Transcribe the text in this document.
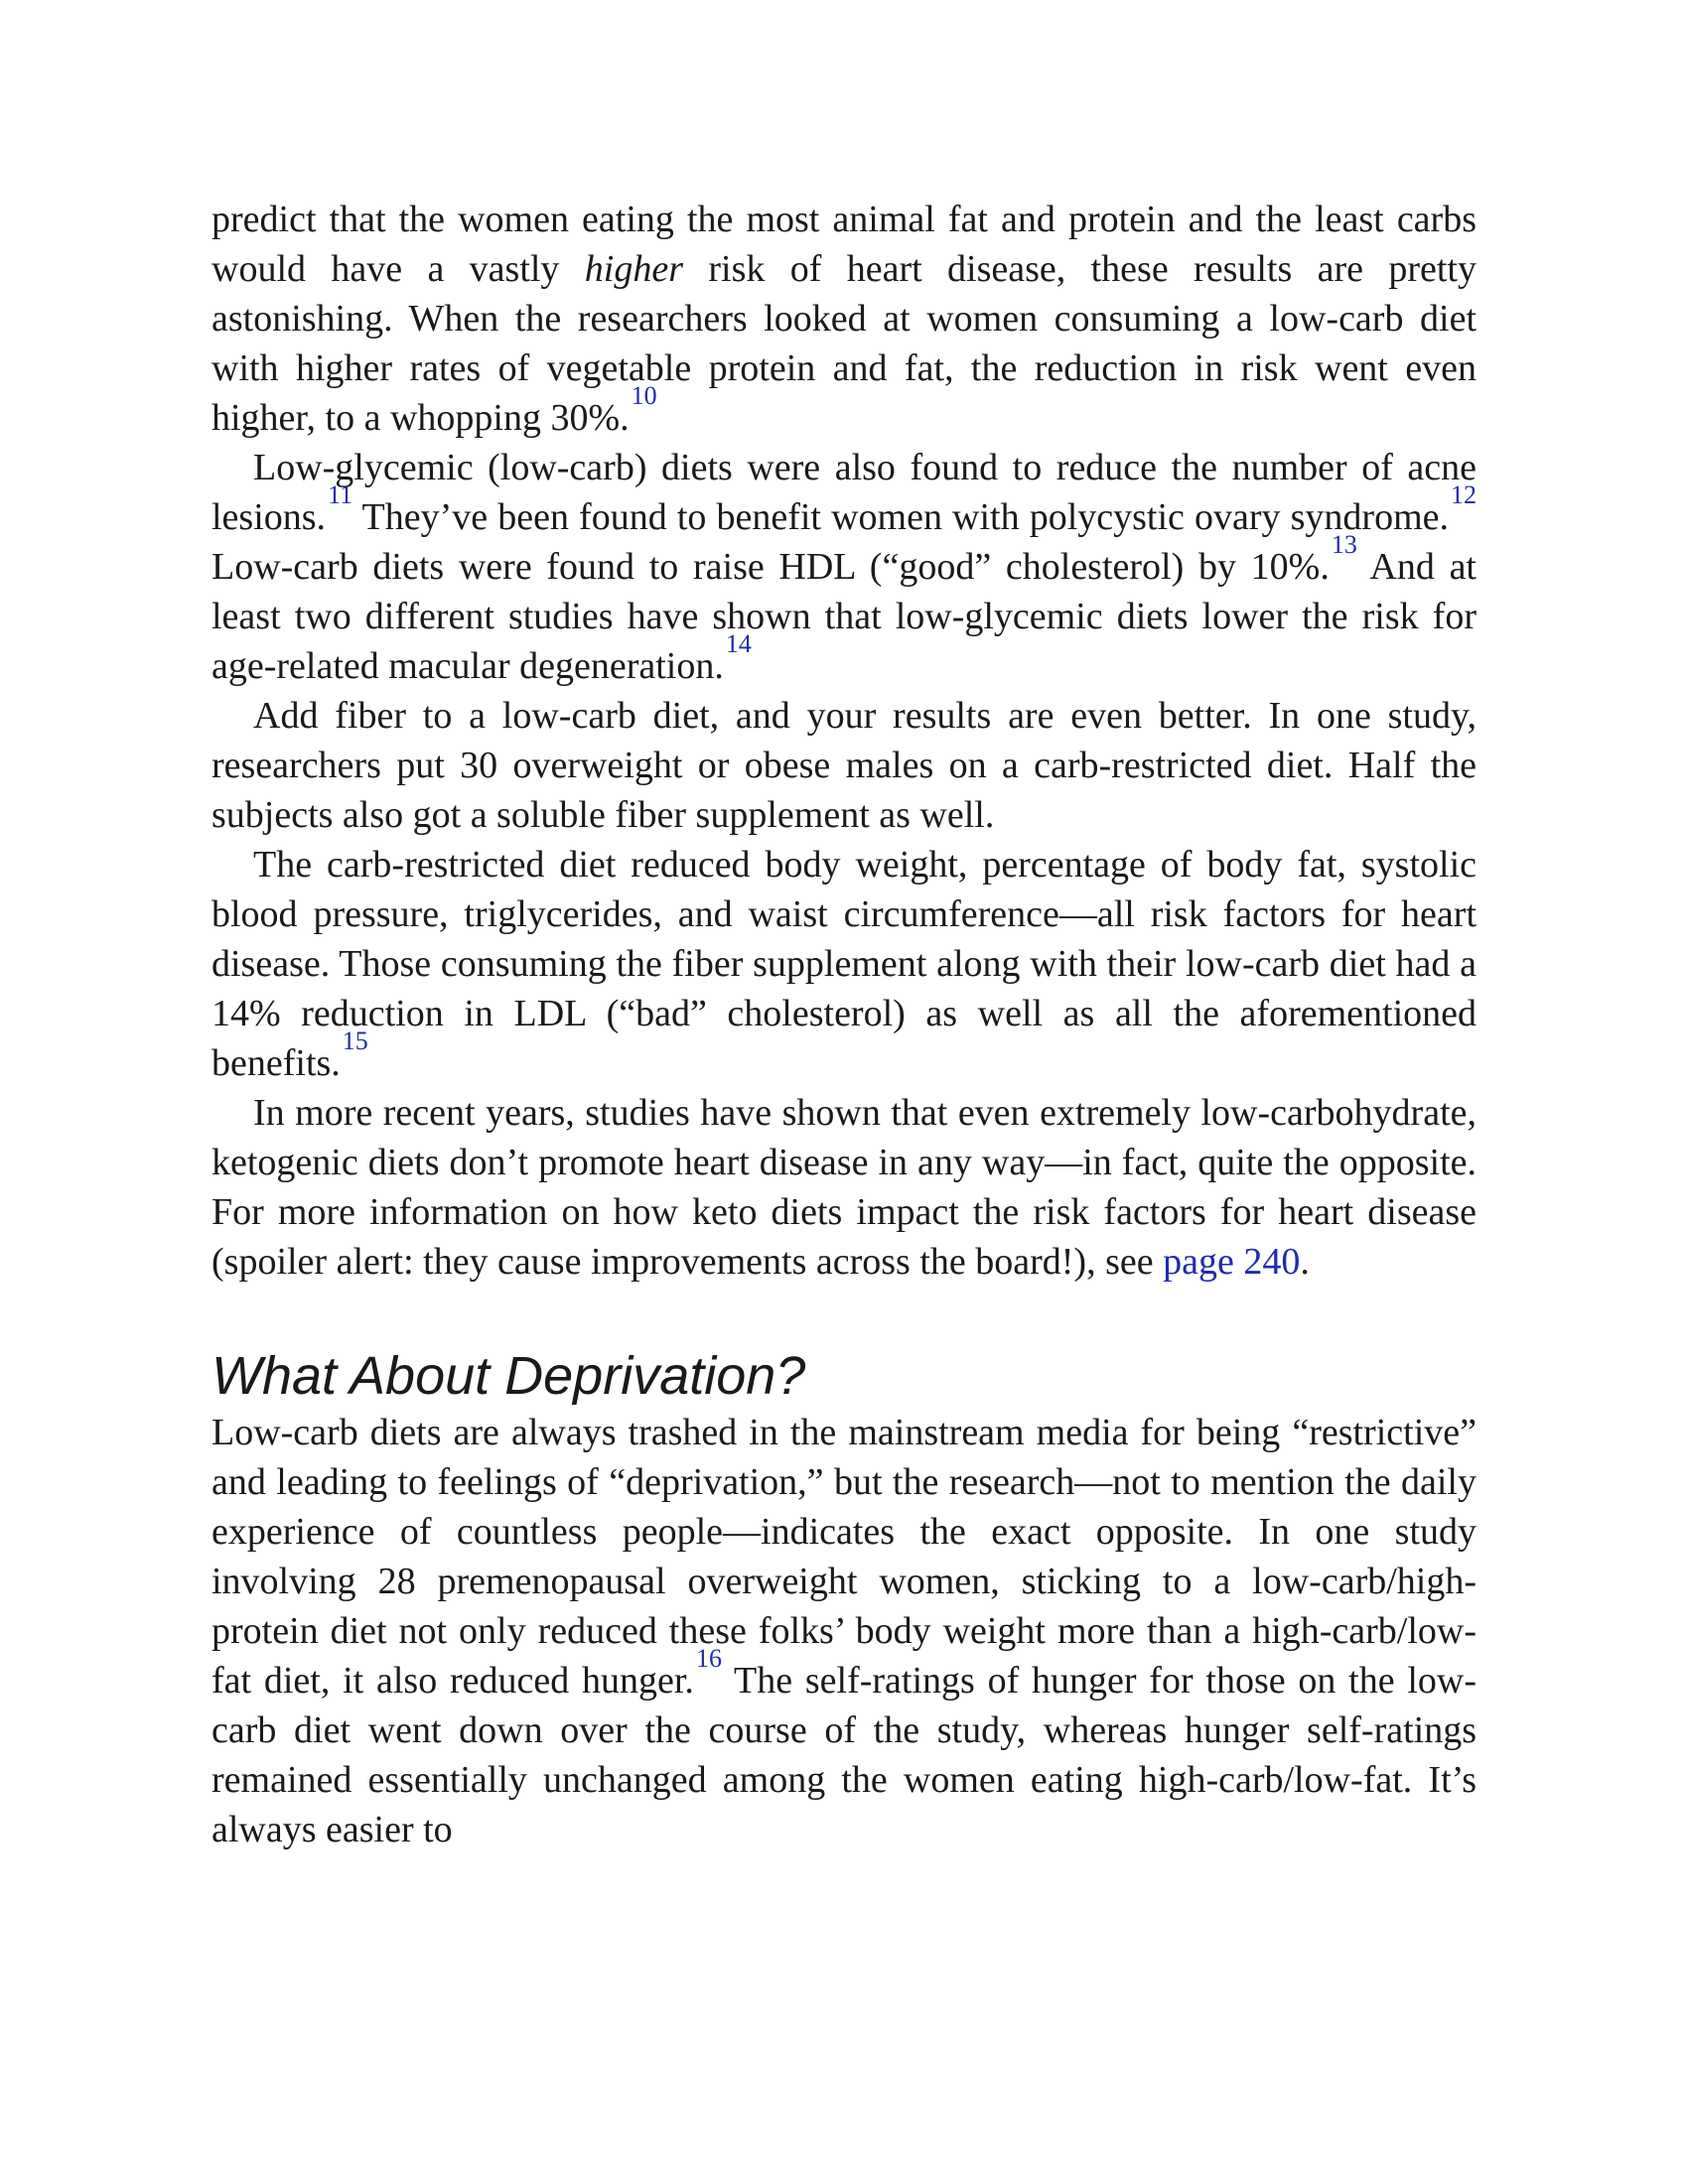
predict that the women eating the most animal fat and protein and the least carbs would have a vastly higher risk of heart disease, these results are pretty astonishing. When the researchers looked at women consuming a low-carb diet with higher rates of vegetable protein and fat, the reduction in risk went even higher, to a whopping 30%.$^{10}$

Low-glycemic (low-carb) diets were also found to reduce the number of acne lesions.$^{11}$ They’ve been found to benefit women with polycystic ovary syndrome.$^{12}$ Low-carb diets were found to raise HDL (“good” cholesterol) by 10%.$^{13}$ And at least two different studies have shown that low-glycemic diets lower the risk for age-related macular degeneration.$^{14}$

Add fiber to a low-carb diet, and your results are even better. In one study, researchers put 30 overweight or obese males on a carb-restricted diet. Half the subjects also got a soluble fiber supplement as well.

The carb-restricted diet reduced body weight, percentage of body fat, systolic blood pressure, triglycerides, and waist circumference—all risk factors for heart disease. Those consuming the fiber supplement along with their low-carb diet had a 14% reduction in LDL (“bad” cholesterol) as well as all the aforementioned benefits.$^{15}$

In more recent years, studies have shown that even extremely low-carbohydrate, ketogenic diets don’t promote heart disease in any way—in fact, quite the opposite. For more information on how keto diets impact the risk factors for heart disease (spoiler alert: they cause improvements across the board!), see page 240.

What About Deprivation?

Low-carb diets are always trashed in the mainstream media for being “restrictive” and leading to feelings of “deprivation,” but the research—not to mention the daily experience of countless people—indicates the exact opposite. In one study involving 28 premenopausal overweight women, sticking to a low-carb/high-protein diet not only reduced these folks’ body weight more than a high-carb/low-fat diet, it also reduced hunger.$^{16}$ The self-ratings of hunger for those on the low-carb diet went down over the course of the study, whereas hunger self-ratings remained essentially unchanged among the women eating high-carb/low-fat. It’s always easier to
